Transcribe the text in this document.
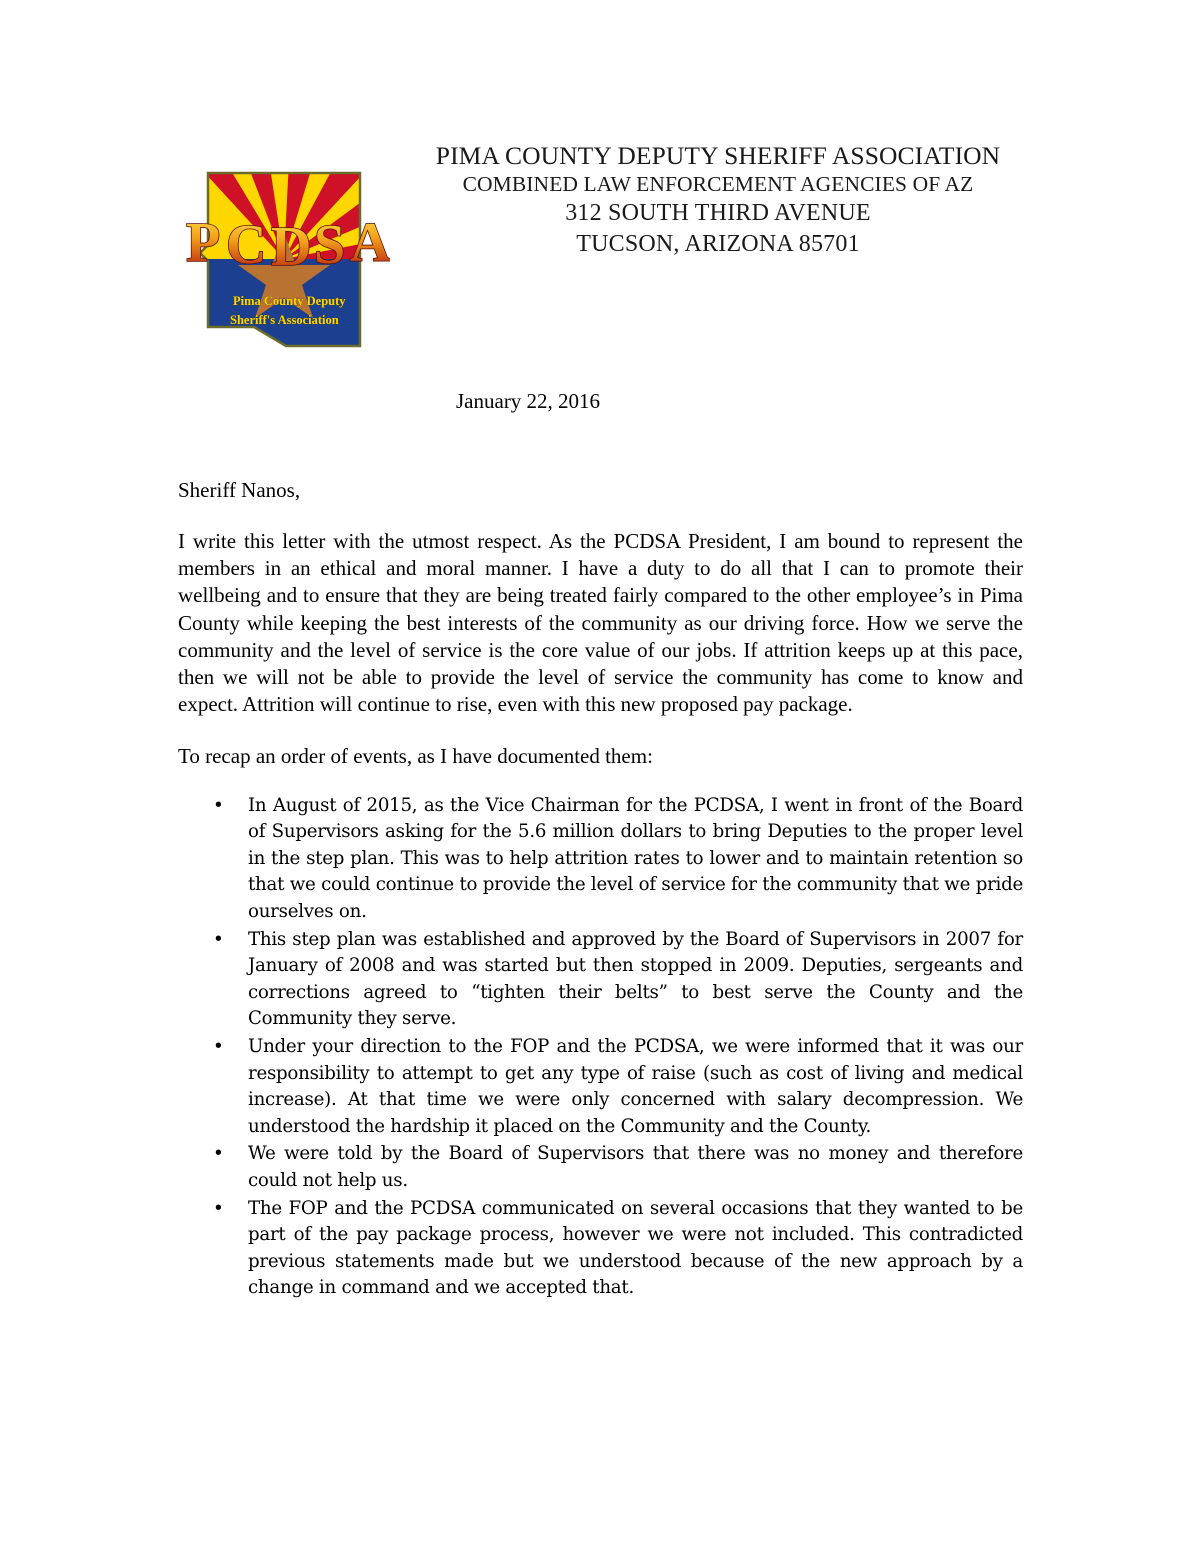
P C D S A
Pima County Deputy
Sheriff's Association
PIMA COUNTY DEPUTY SHERIFF ASSOCIATION
COMBINED LAW ENFORCEMENT AGENCIES OF AZ
312 SOUTH THIRD AVENUE
TUCSON, ARIZONA 85701
January 22, 2016
Sheriff Nanos,

I write this letter with the utmost respect. As the PCDSA President, I am bound to represent the members in an ethical and moral manner. I have a duty to do all that I can to promote their wellbeing and to ensure that they are being treated fairly compared to the other employee’s in Pima County while keeping the best interests of the community as our driving force. How we serve the community and the level of service is the core value of our jobs. If attrition keeps up at this pace, then we will not be able to provide the level of service the community has come to know and expect. Attrition will continue to rise, even with this new proposed pay package.

To recap an order of events, as I have documented them:

• In August of 2015, as the Vice Chairman for the PCDSA, I went in front of the Board of Supervisors asking for the 5.6 million dollars to bring Deputies to the proper level in the step plan. This was to help attrition rates to lower and to maintain retention so that we could continue to provide the level of service for the community that we pride ourselves on.
• This step plan was established and approved by the Board of Supervisors in 2007 for January of 2008 and was started but then stopped in 2009. Deputies, sergeants and corrections agreed to “tighten their belts” to best serve the County and the Community they serve.
• Under your direction to the FOP and the PCDSA, we were informed that it was our responsibility to attempt to get any type of raise (such as cost of living and medical increase). At that time we were only concerned with salary decompression. We understood the hardship it placed on the Community and the County.
• We were told by the Board of Supervisors that there was no money and therefore could not help us.
• The FOP and the PCDSA communicated on several occasions that they wanted to be part of the pay package process, however we were not included. This contradicted previous statements made but we understood because of the new approach by a change in command and we accepted that.
